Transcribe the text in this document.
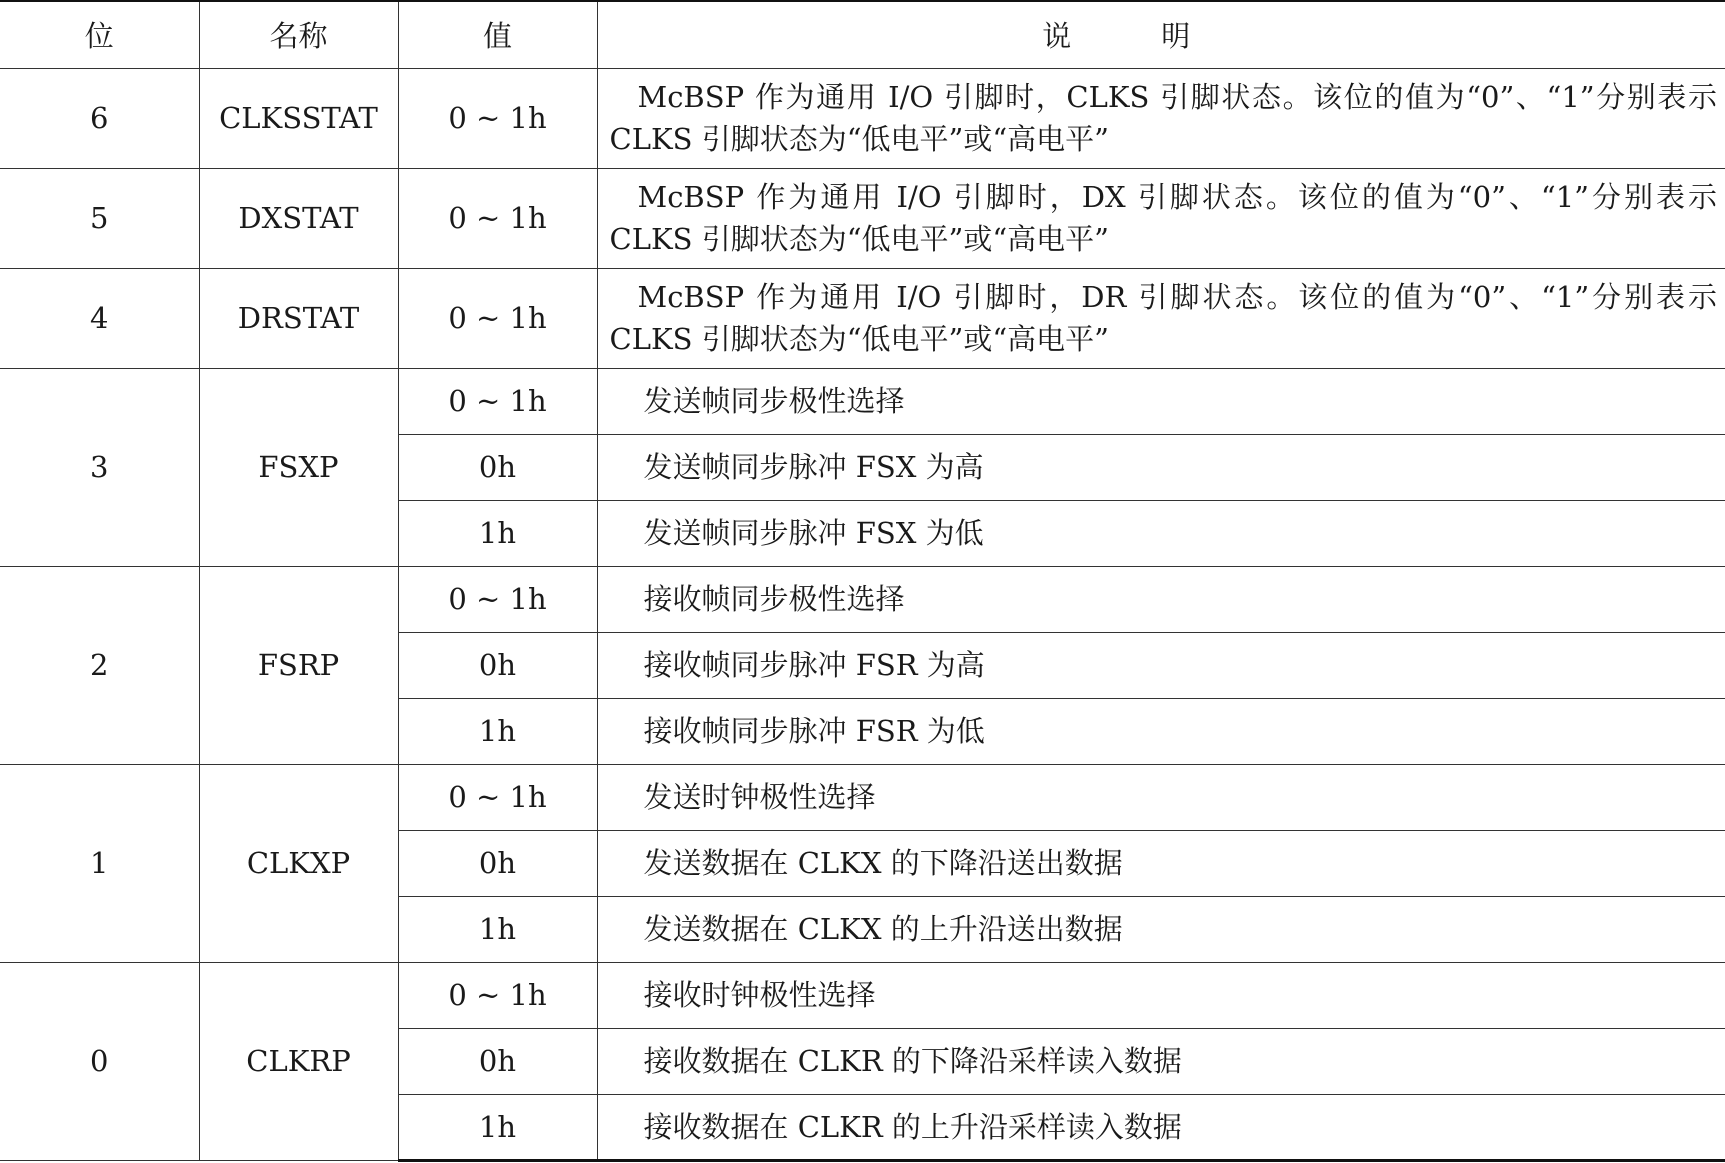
位	名称	值	说明
6	CLKSSTAT	0 ~ 1h	McBSP 作为通用 I/O 引脚时，CLKS 引脚状态。该位的值为“0”、“1”分别表示 CLKS 引脚状态为“低电平”或“高电平”
5	DXSTAT	0 ~ 1h	McBSP 作为通用 I/O 引脚时，DX 引脚状态。该位的值为“0”、“1”分别表示 CLKS 引脚状态为“低电平”或“高电平”
4	DRSTAT	0 ~ 1h	McBSP 作为通用 I/O 引脚时，DR 引脚状态。该位的值为“0”、“1”分别表示 CLKS 引脚状态为“低电平”或“高电平”
3	FSXP	0 ~ 1h	发送帧同步极性选择
		0h	发送帧同步脉冲 FSX 为高
		1h	发送帧同步脉冲 FSX 为低
2	FSRP	0 ~ 1h	接收帧同步极性选择
		0h	接收帧同步脉冲 FSR 为高
		1h	接收帧同步脉冲 FSR 为低
1	CLKXP	0 ~ 1h	发送时钟极性选择
		0h	发送数据在 CLKX 的下降沿送出数据
		1h	发送数据在 CLKX 的上升沿送出数据
0	CLKRP	0 ~ 1h	接收时钟极性选择
		0h	接收数据在 CLKR 的下降沿采样读入数据
		1h	接收数据在 CLKR 的上升沿采样读入数据
